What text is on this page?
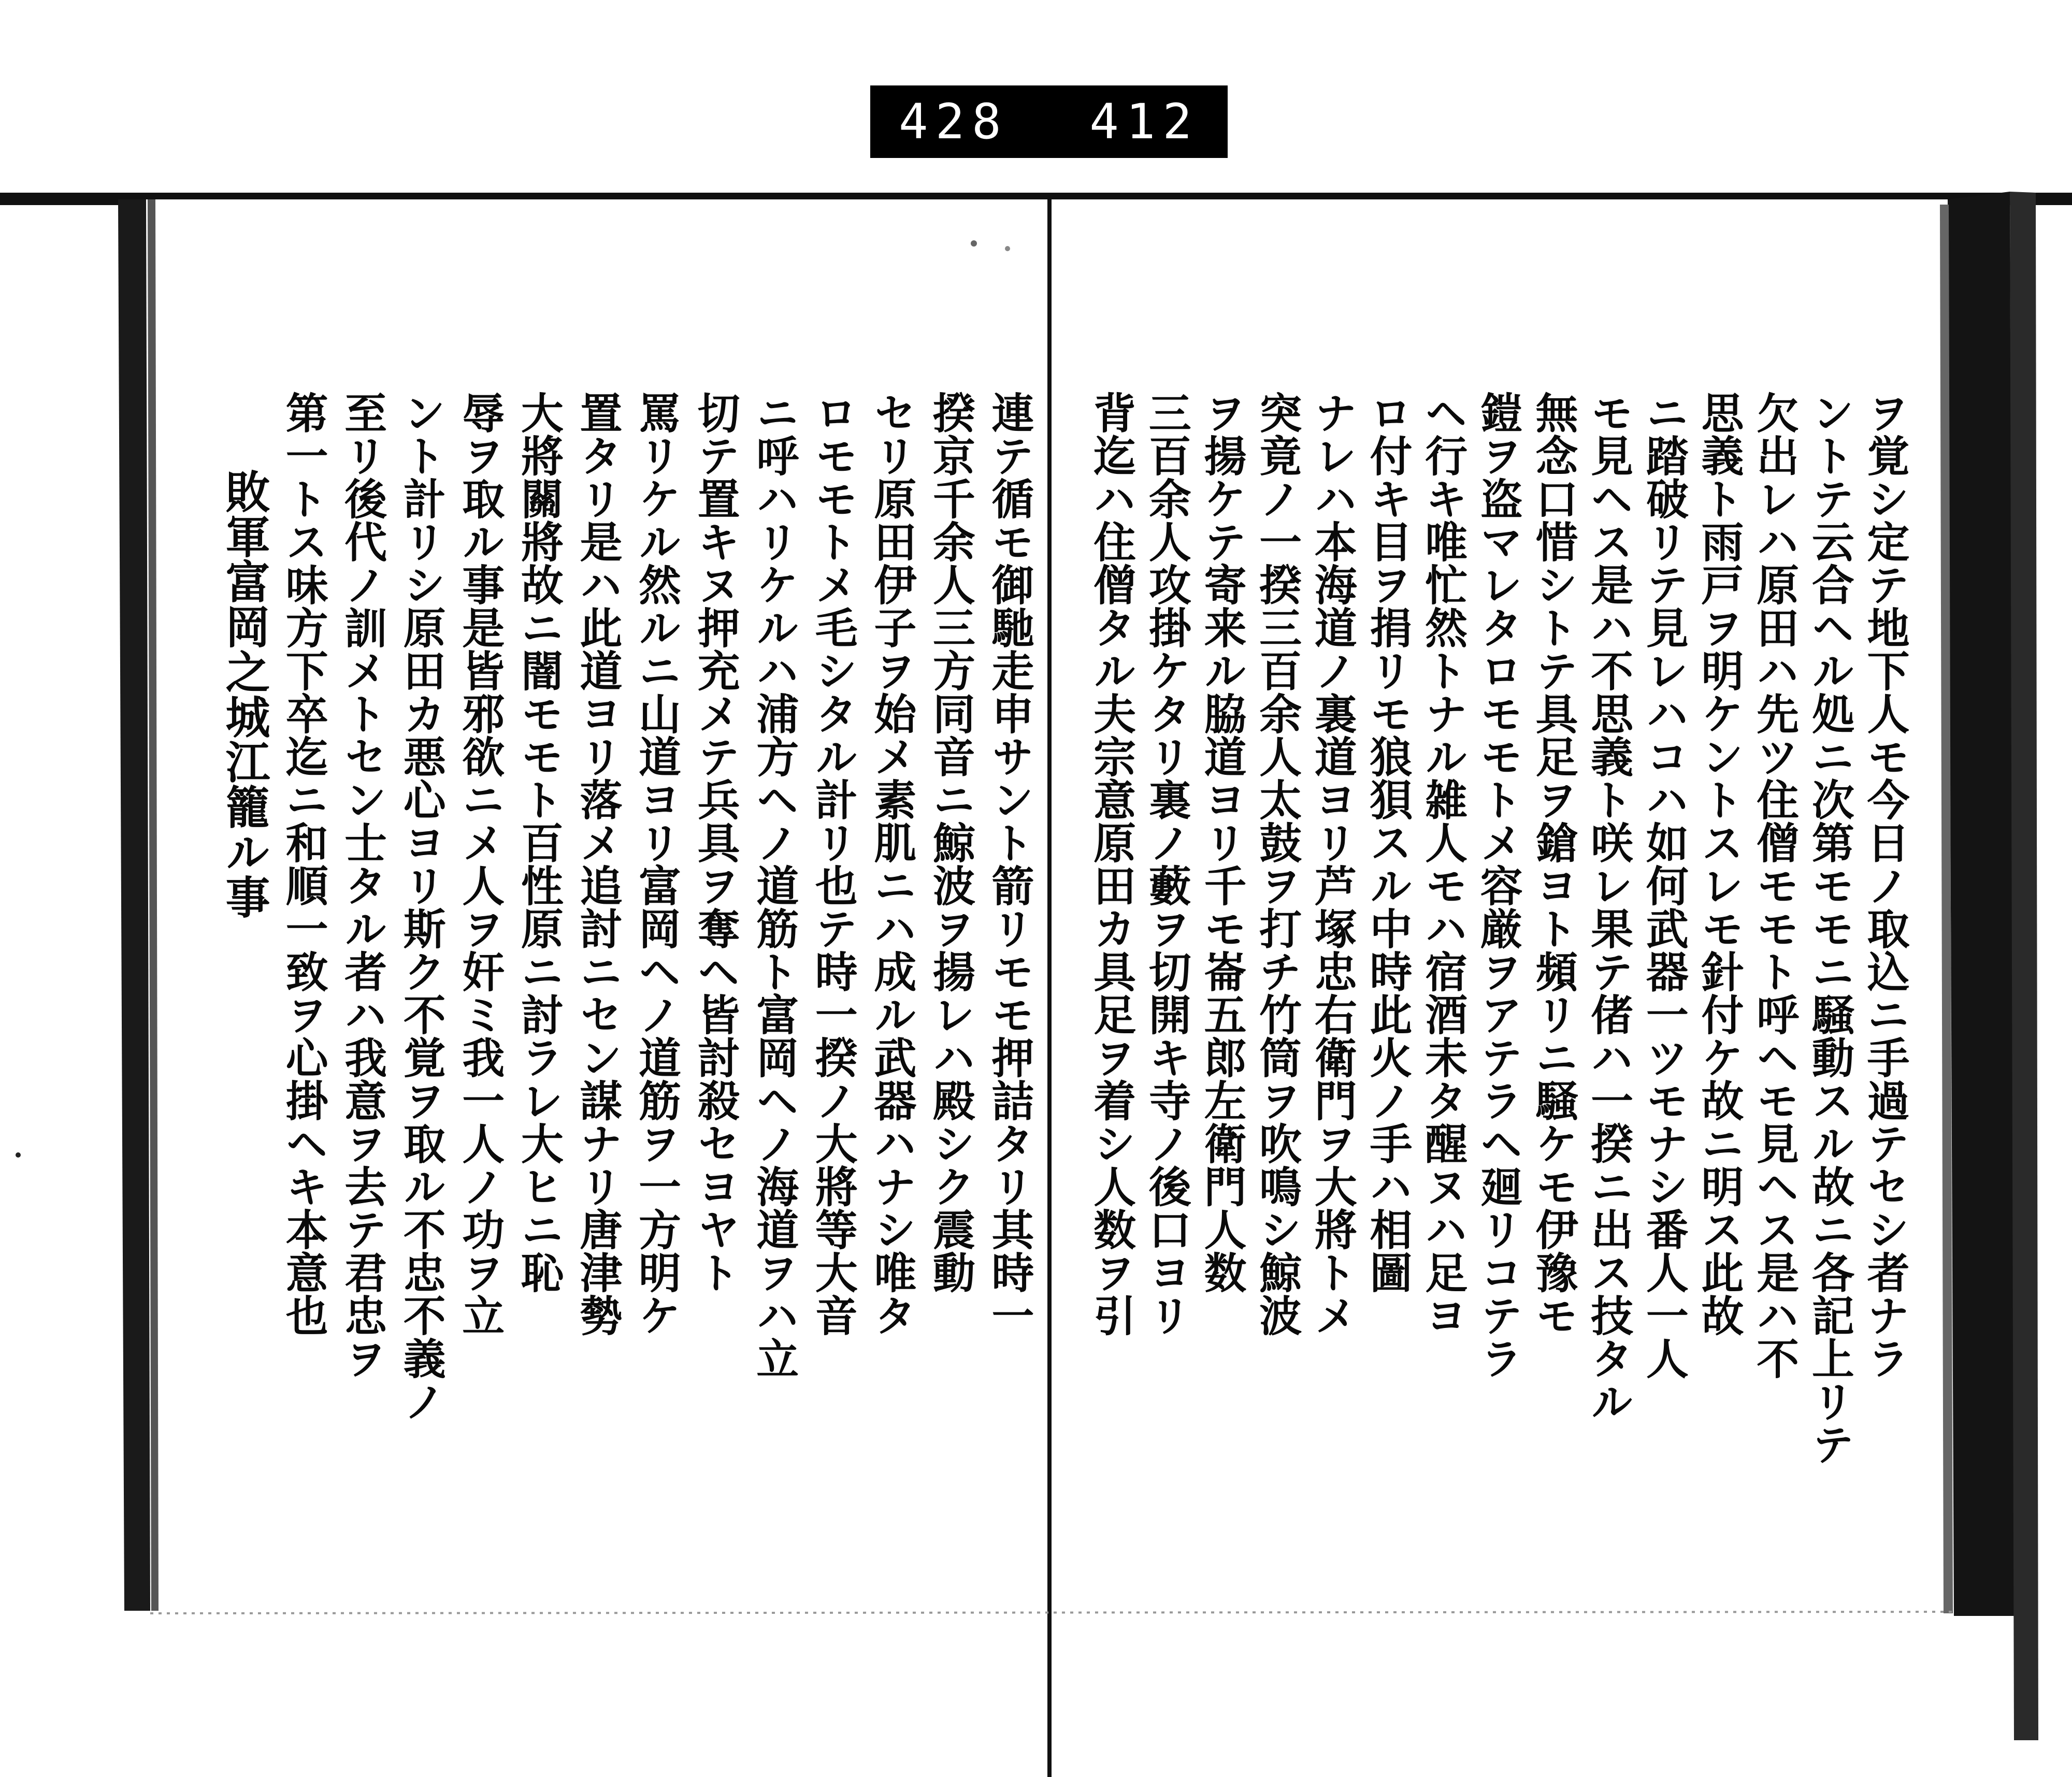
428 412
ヲ覚シ定テ地下人モ今日ノ取込ニ手過テセシ者ナラ
ントテ云合ヘル処ニ次第モモニ騒動スル故ニ各記上リテ
欠出レハ原田ハ先ツ住僧モモト呼ヘモ見ヘス是ハ不
思義ト雨戸ヲ明ケントスレモ針付ケ故ニ明ス此故
ニ踏破リテ見レハコハ如何武器一ツモナシ番人一人
モ見ヘス是ハ不思義ト咲レ果テ偖ハ一揆ニ出ス技タル
無念口惜シトテ具足ヲ鎗ヨト頻リニ騒ケモ伊豫モ
鎧ヲ盗マレタロモモトメ容厳ヲアテラヘ廻リコテラ
ヘ行キ唯忙然トナル雑人モハ宿酒未タ醒ヌハ足ヨ
ロ付キ目ヲ捐リモ狼狽スル中時此火ノ手ハ相圖
ナレハ本海道ノ裏道ヨリ芦塚忠右衛門ヲ大將トメ
突竟ノ一揆三百余人太鼓ヲ打チ竹筒ヲ吹鳴シ鯨波
ヲ揚ケテ寄来ル脇道ヨリ千モ崙五郎左衛門人数
三百余人攻掛ケタリ裏ノ藪ヲ切開キ寺ノ後口ヨリ
背迄ハ住僧タル夫宗意原田カ具足ヲ着シ人数ヲ引
連テ循モ御馳走申サント箭リモモ押詰タリ其時一
揆京千余人三方同音ニ鯨波ヲ揚レハ殿シク震動
セリ原田伊子ヲ始メ素肌ニハ成ル武器ハナシ唯タ
ロモモトメ毛シタル計リ也テ時一揆ノ大將等大音
ニ呼ハリケルハ浦方ヘノ道筋ト富岡ヘノ海道ヲハ立
切テ置キヌ押充メテ兵具ヲ奪ヘ皆討殺セヨヤト
罵リケル然ルニ山道ヨリ富岡ヘノ道筋ヲ一方明ケ
置タリ是ハ此道ヨリ落メ追討ニセン謀ナリ唐津勢
大將關將故ニ闇モモト百性原ニ討ラレ大ヒニ恥
辱ヲ取ル事是皆邪欲ニメ人ヲ奸ミ我一人ノ功ヲ立
ント計リシ原田カ悪心ヨリ斯ク不覚ヲ取ル不忠不義ノ
至リ後代ノ訓メトセン士タル者ハ我意ヲ去テ君忠ヲ
第一トス味方下卒迄ニ和順一致ヲ心掛ヘキ本意也
敗軍富岡之城江籠ル事
